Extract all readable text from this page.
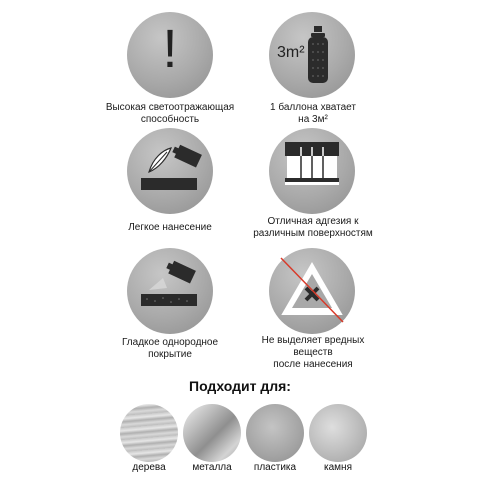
!
Высокая светоотражающая
способность
3m²
1 баллона хватает
на 3м²
Легкое нанесение
Отличная адгезия к
различным поверхностям
Гладкое однородное
покрытие
Не выделяет вредных
веществ
после нанесения
Подходит для:
дерева	металла	пластика	камня
